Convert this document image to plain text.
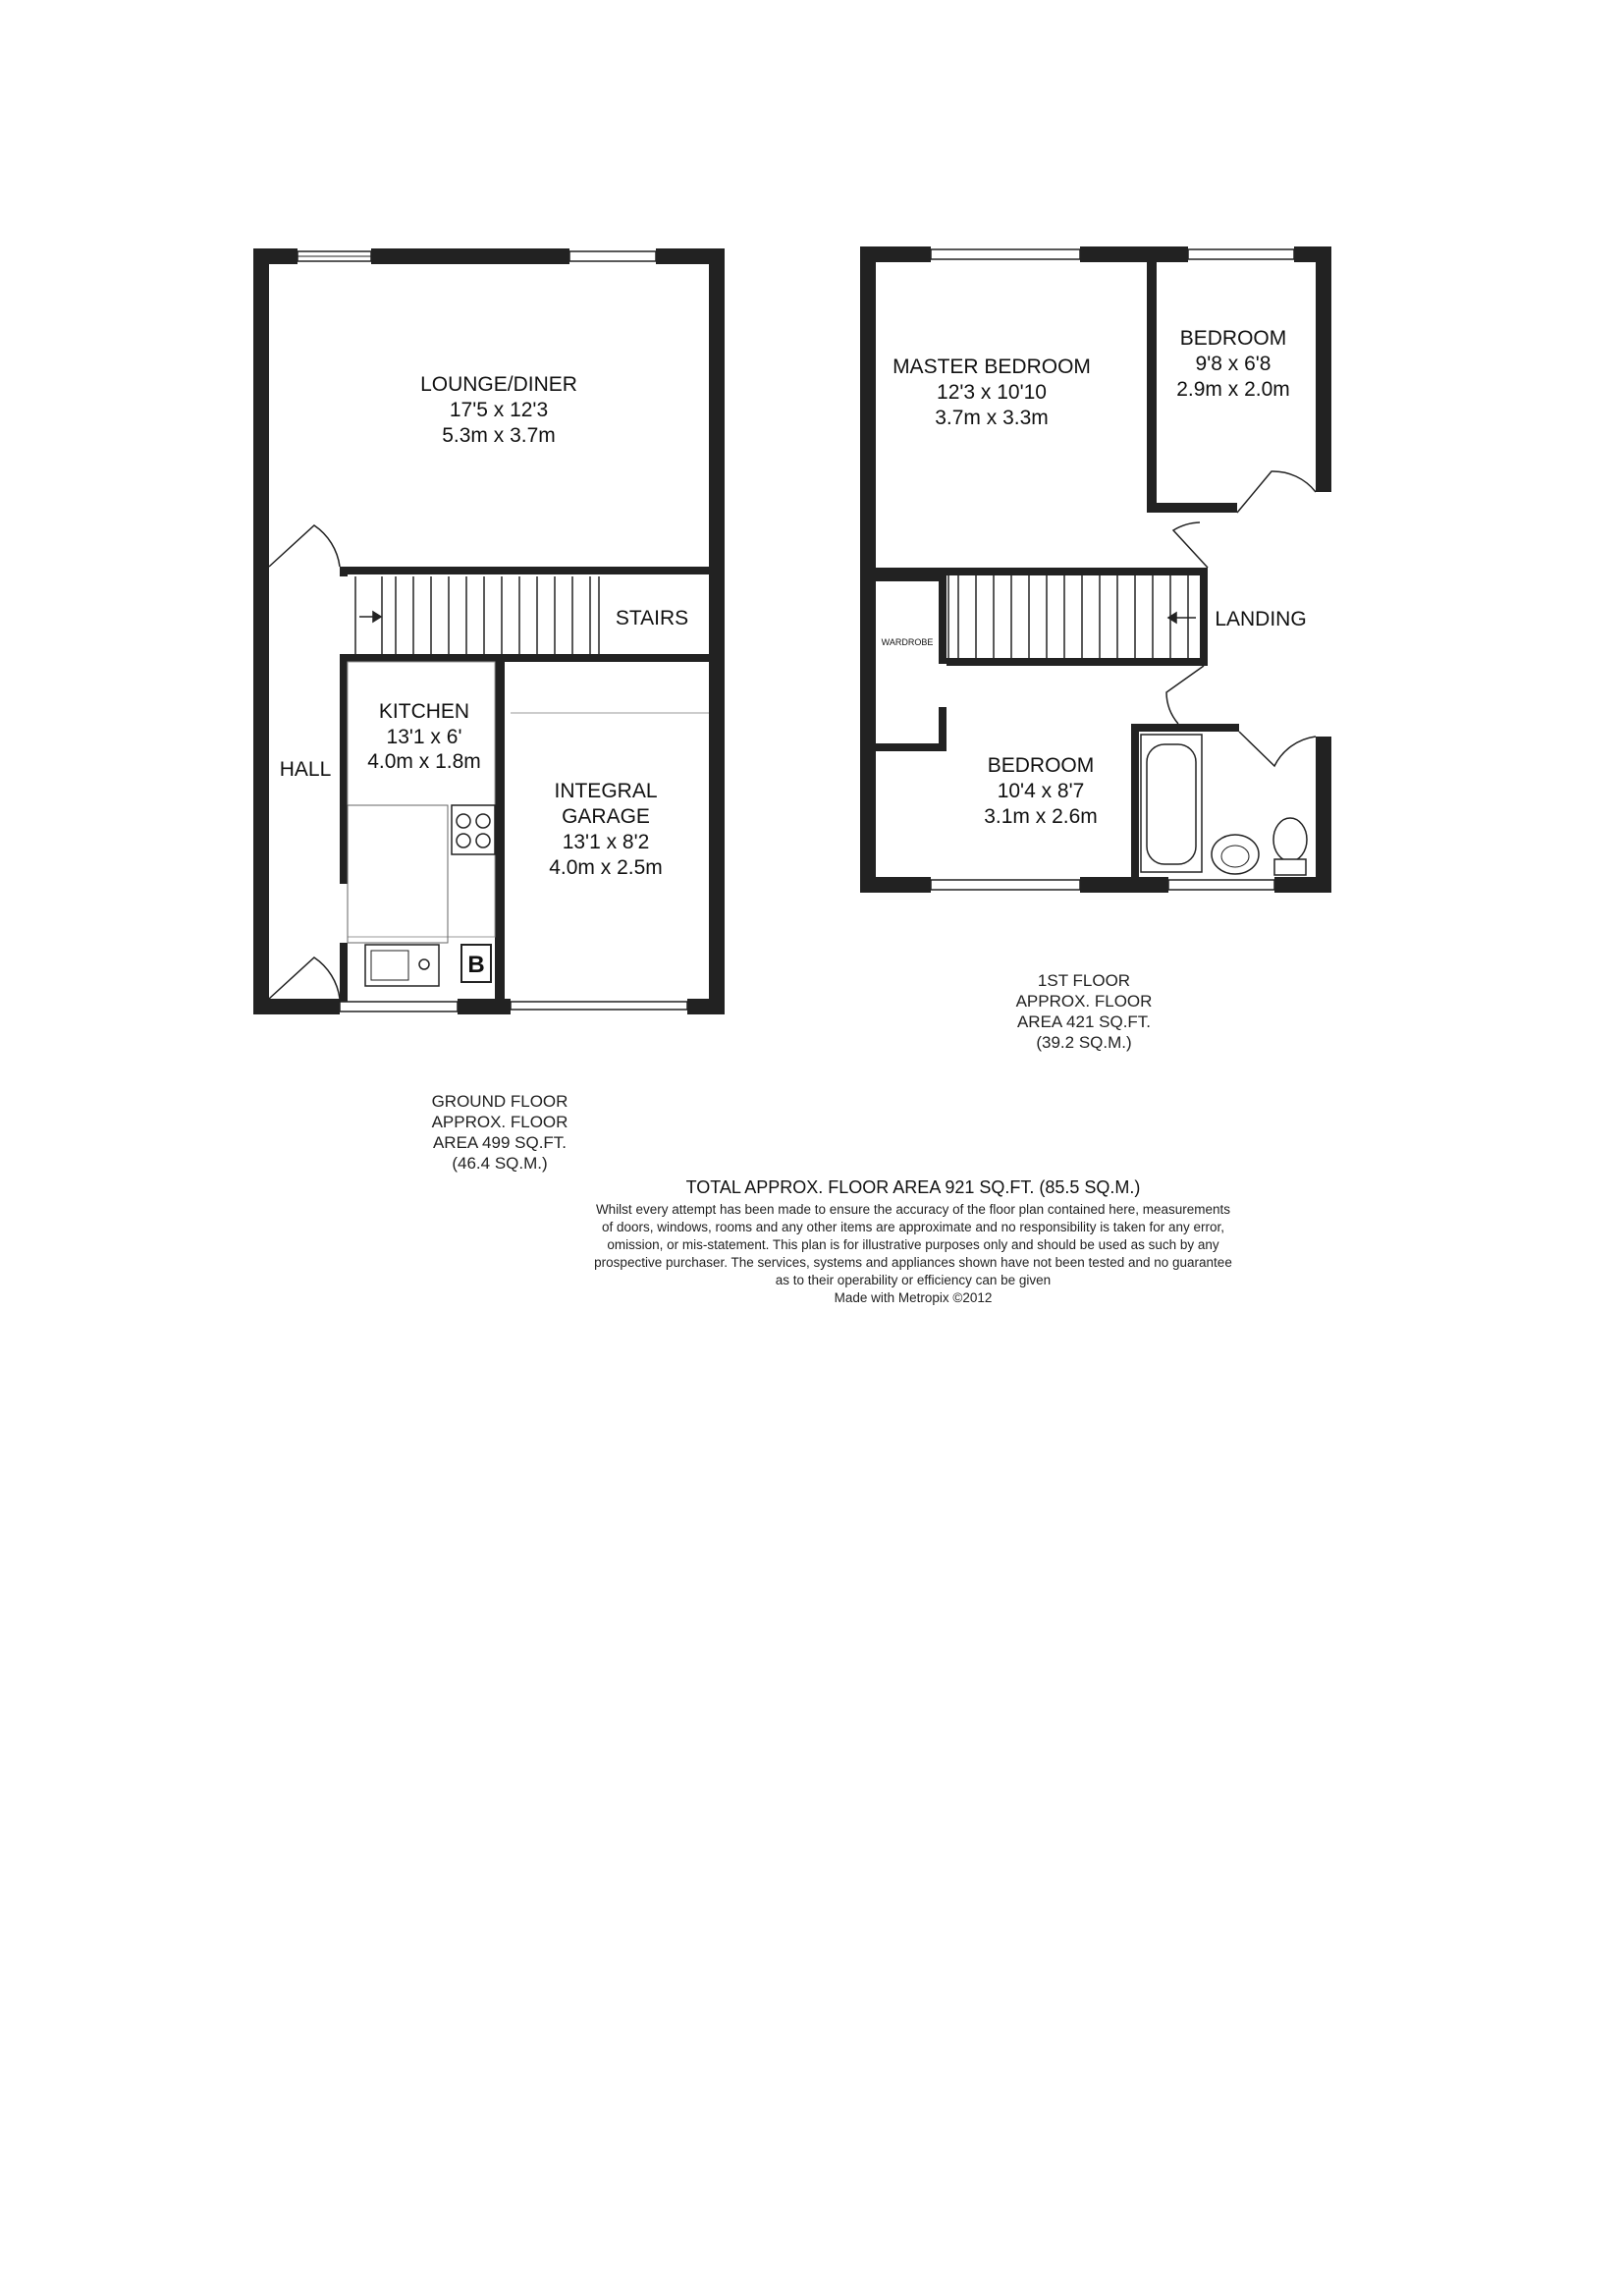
LOUNGE/DINER
17'5 x 12'3
5.3m x 3.7m
STAIRS
KITCHEN
13'1 x 6'
4.0m x 1.8m
HALL
INTEGRAL
GARAGE
13'1 x 8'2
4.0m x 2.5m
B
GROUND FLOOR
APPROX. FLOOR
AREA 499 SQ.FT.
(46.4 SQ.M.)
MASTER BEDROOM
12'3 x 10'10
3.7m x 3.3m
BEDROOM
9'8 x 6'8
2.9m x 2.0m
LANDING
WARDROBE
BEDROOM
10'4 x 8'7
3.1m x 2.6m
1ST FLOOR
APPROX. FLOOR
AREA 421 SQ.FT.
(39.2 SQ.M.)
TOTAL APPROX. FLOOR AREA 921 SQ.FT. (85.5 SQ.M.)
Whilst every attempt has been made to ensure the accuracy of the floor plan contained here, measurements
of doors, windows, rooms and any other items are approximate and no responsibility is taken for any error,
omission, or mis-statement. This plan is for illustrative purposes only and should be used as such by any
prospective purchaser. The services, systems and appliances shown have not been tested and no guarantee
as to their operability or efficiency can be given
Made with Metropix ©2012
